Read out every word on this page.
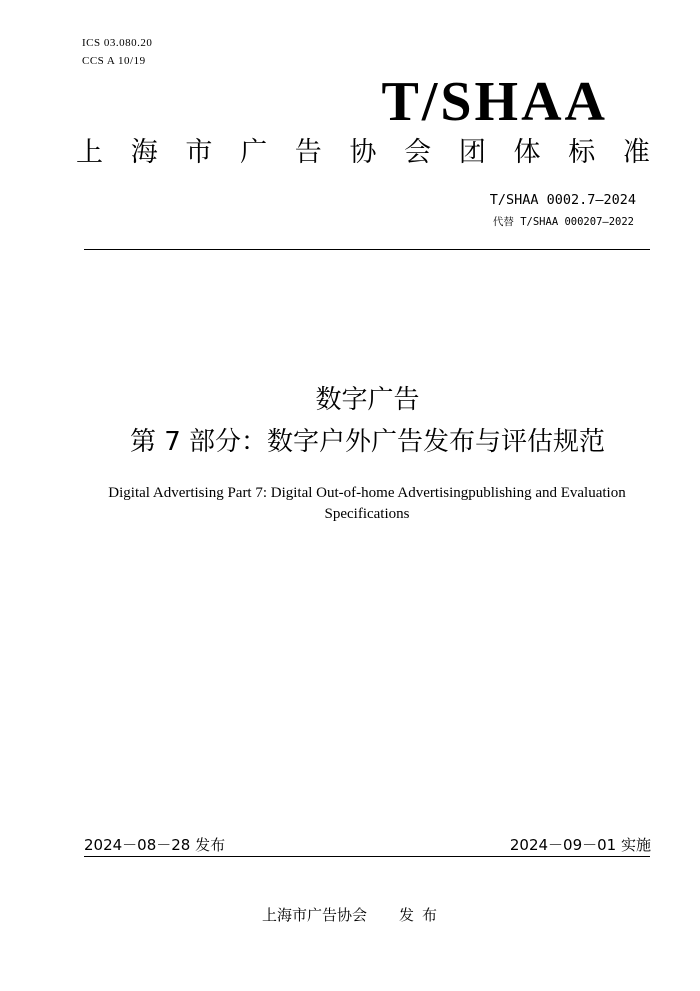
ICS 03.080.20
CCS A 10/19
T/SHAA
上 海 市 广 告 协 会 团 体 标 准
T/SHAA 0002.7—2024
代替 T/SHAA 000207—2022
数字广告
第 7 部分：数字户外广告发布与评估规范
Digital Advertising Part 7: Digital Out-of-home Advertisingpublishing and Evaluation Specifications
2024－08－28 发布	2024－09－01 实施
上海市广告协会 发布
